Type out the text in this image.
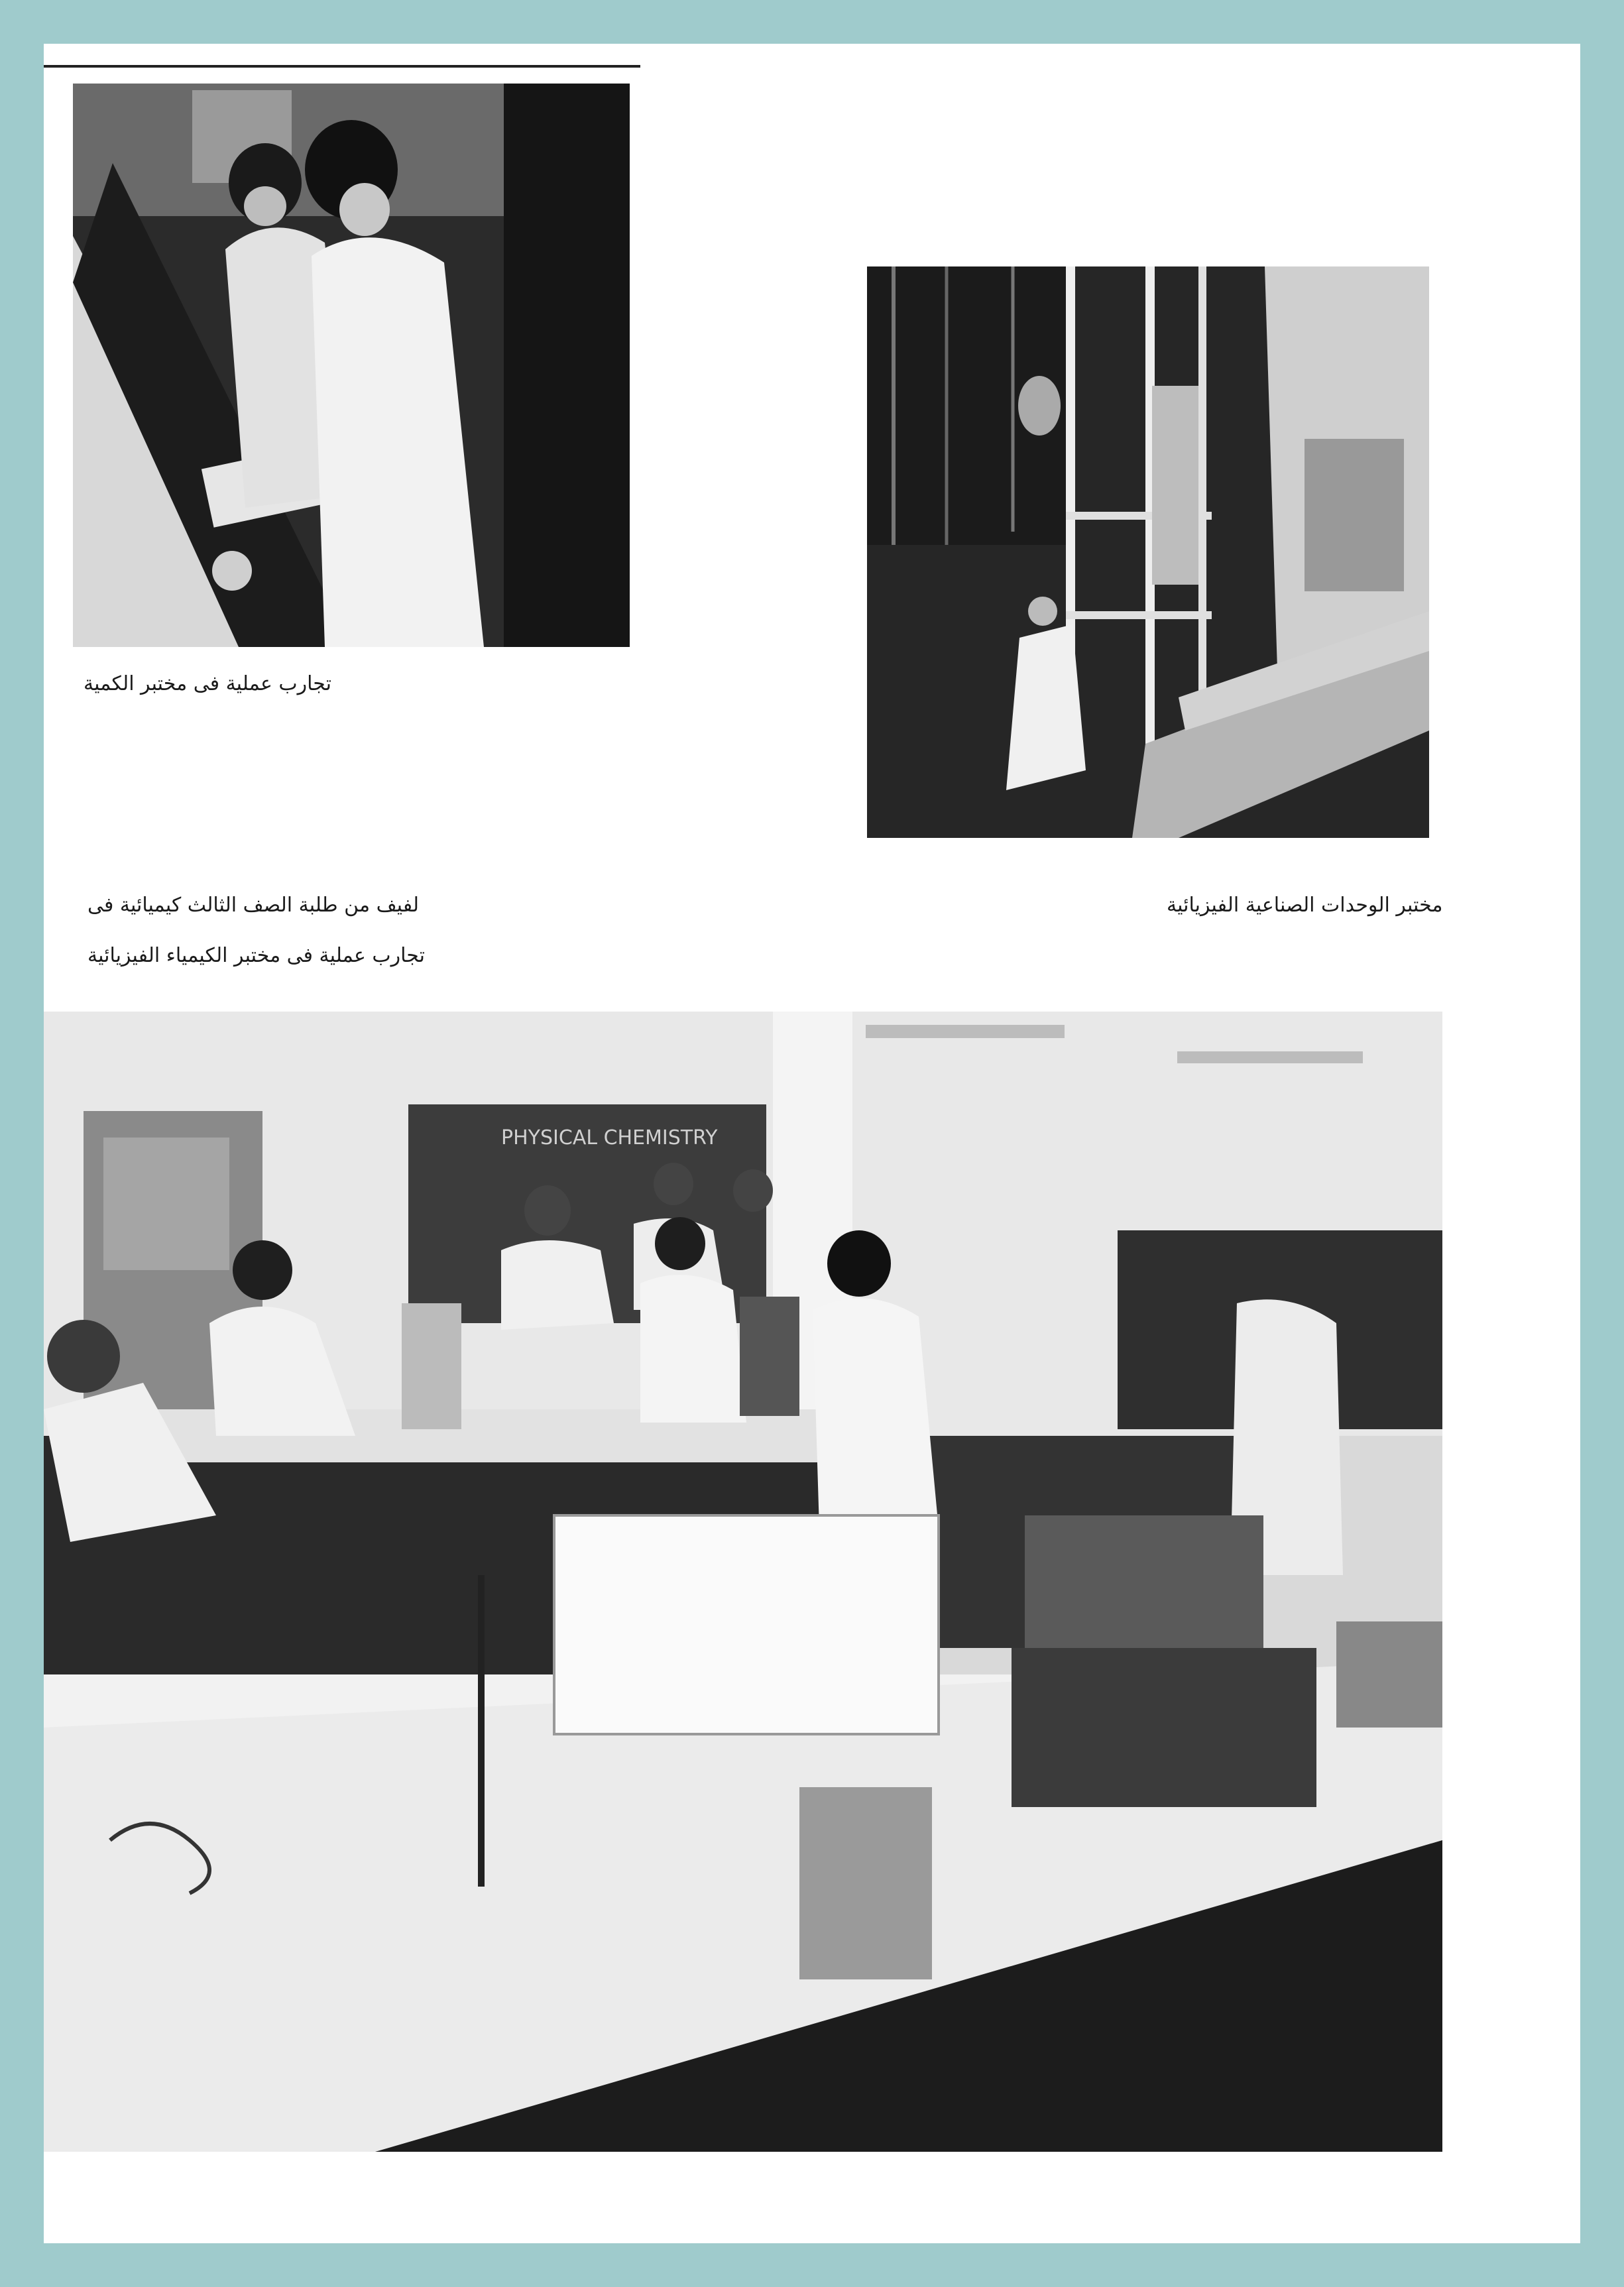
تجارب عملية فى مختبر الكمية
مختبر الوحدات الصناعية الفيزيائية
لفيف من طلبة الصف الثالث كيميائية فى
تجارب عملية فى مختبر الكيمياء الفيزيائية
PHYSICAL CHEMISTRY
